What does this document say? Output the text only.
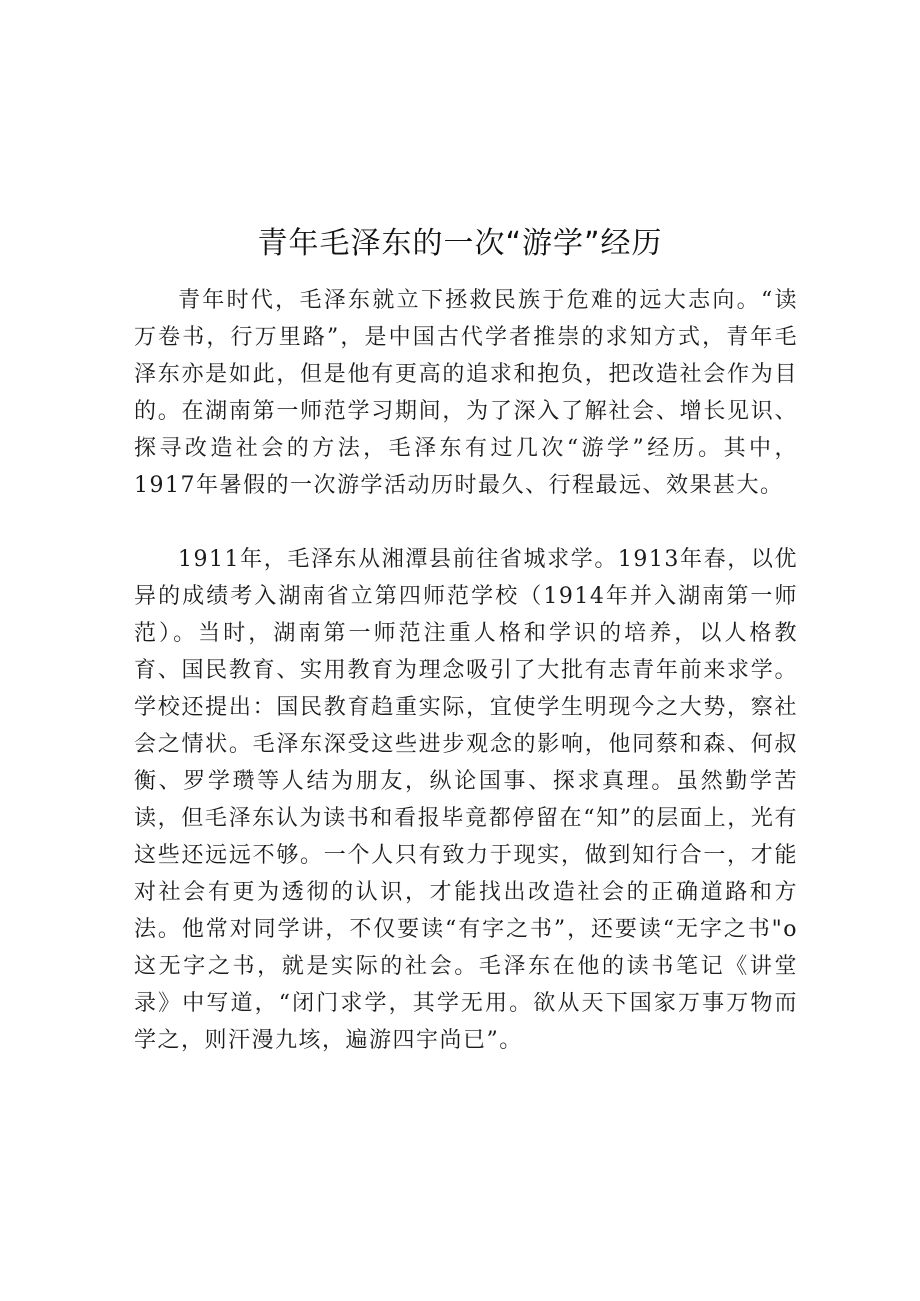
青年毛泽东的一次“游学”经历

青年时代，毛泽东就立下拯救民族于危难的远大志向。“读万卷书，行万里路”，是中国古代学者推崇的求知方式，青年毛泽东亦是如此，但是他有更高的追求和抱负，把改造社会作为目的。在湖南第一师范学习期间，为了深入了解社会、增长见识、探寻改造社会的方法，毛泽东有过几次“游学”经历。其中，1917年暑假的一次游学活动历时最久、行程最远、效果甚大。

1911年，毛泽东从湘潭县前往省城求学。1913年春，以优异的成绩考入湖南省立第四师范学校（1914年并入湖南第一师范）。当时，湖南第一师范注重人格和学识的培养，以人格教育、国民教育、实用教育为理念吸引了大批有志青年前来求学。学校还提出：国民教育趋重实际，宜使学生明现今之大势，察社会之情状。毛泽东深受这些进步观念的影响，他同蔡和森、何叔衡、罗学瓒等人结为朋友，纵论国事、探求真理。虽然勤学苦读，但毛泽东认为读书和看报毕竟都停留在“知”的层面上，光有这些还远远不够。一个人只有致力于现实，做到知行合一，才能对社会有更为透彻的认识，才能找出改造社会的正确道路和方法。他常对同学讲，不仅要读“有字之书”，还要读“无字之书"o这无字之书，就是实际的社会。毛泽东在他的读书笔记《讲堂录》中写道，“闭门求学，其学无用。欲从天下国家万事万物而学之，则汗漫九垓，遍游四宇尚已”。
